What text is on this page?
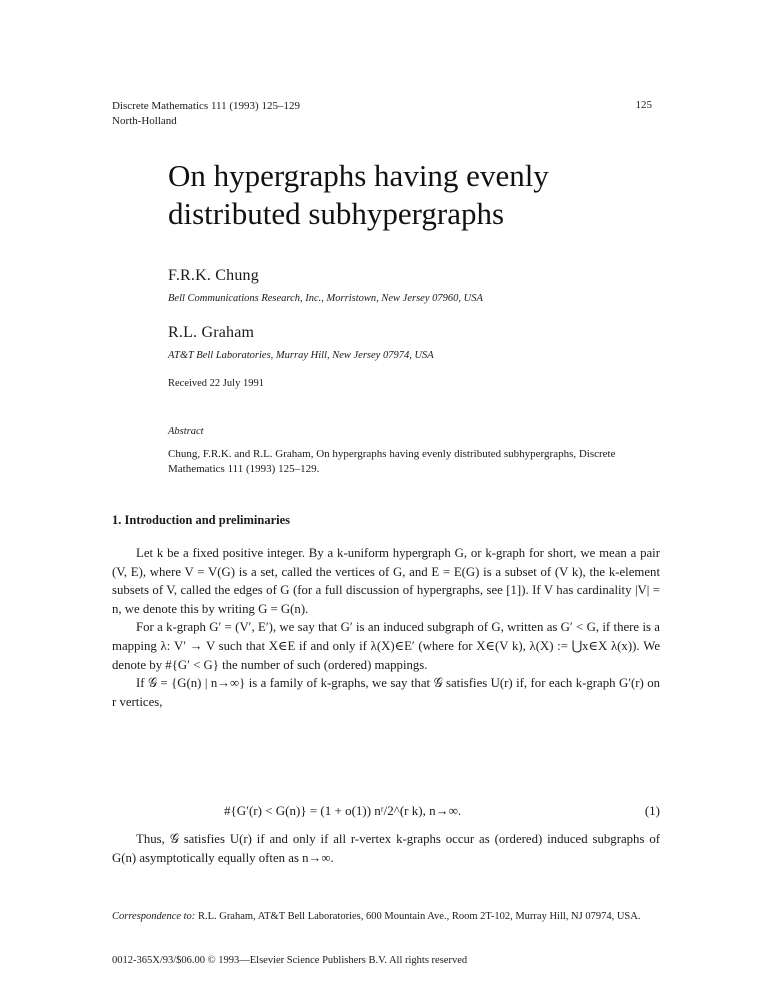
Discrete Mathematics 111 (1993) 125–129
North-Holland
125
On hypergraphs having evenly
distributed subhypergraphs
F.R.K. Chung
Bell Communications Research, Inc., Morristown, New Jersey 07960, USA
R.L. Graham
AT&T Bell Laboratories, Murray Hill, New Jersey 07974, USA
Received 22 July 1991
Abstract
Chung, F.R.K. and R.L. Graham, On hypergraphs having evenly distributed subhypergraphs, Discrete Mathematics 111 (1993) 125–129.
1. Introduction and preliminaries

Let k be a fixed positive integer. By a k-uniform hypergraph G, or k-graph for short, we mean a pair (V, E), where V = V(G) is a set, called the vertices of G, and E = E(G) is a subset of (V k), the k-element subsets of V, called the edges of G (for a full discussion of hypergraphs, see [1]). If V has cardinality |V| = n, we denote this by writing G = G(n).

For a k-graph G′ = (V′, E′), we say that G′ is an induced subgraph of G, written as G′ < G, if there is a mapping λ: V′ → V such that X∈E if and only if λ(X)∈E′ (where for X∈(V k), λ(X) := ⋃x∈X λ(x)). We denote by #{G′ < G} the number of such (ordered) mappings.

If 𝒢 = {G(n) | n→∞} is a family of k-graphs, we say that 𝒢 satisfies U(r) if, for each k-graph G′(r) on r vertices,

#{G′(r) < G(n)} = (1 + o(1)) nʳ/2^(r k), n→∞.	(1)

Thus, 𝒢 satisfies U(r) if and only if all r-vertex k-graphs occur as (ordered) induced subgraphs of G(n) asymptotically equally often as n→∞.

Correspondence to: R.L. Graham, AT&T Bell Laboratories, 600 Mountain Ave., Room 2T-102, Murray Hill, NJ 07974, USA.
0012-365X/93/$06.00 © 1993—Elsevier Science Publishers B.V. All rights reserved
